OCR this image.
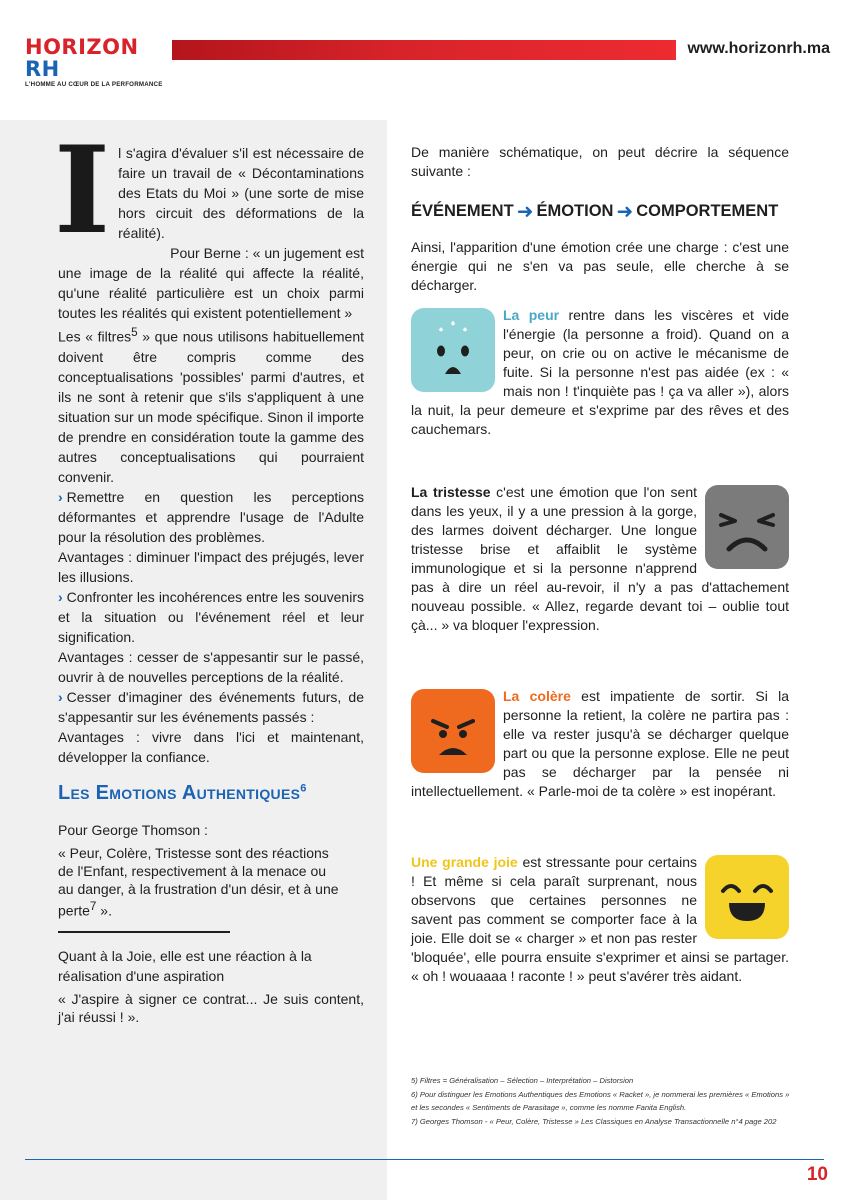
HORIZON RH
L'HOMME AU CŒUR DE LA PERFORMANCE
www.horizonrh.ma
I l s'agira d'évaluer s'il est nécessaire de faire un travail de « Décontaminations des Etats du Moi » (une sorte de mise hors circuit des déformations de la réalité).

Pour Berne : « un jugement est une image de la réalité qui affecte la réalité, qu'une réalité particulière est un choix parmi toutes les réalités qui existent potentiellement »

Les « filtres$^5$ » que nous utilisons habituellement doivent être compris comme des conceptualisations 'possibles' parmi d'autres, et ils ne sont à retenir que s'ils s'appliquent à une situation sur un mode spécifique. Sinon il importe de prendre en considération toute la gamme des autres conceptualisations qui pourraient convenir.

› Remettre en question les perceptions déformantes et apprendre l'usage de l'Adulte pour la résolution des problèmes.

Avantages : diminuer l'impact des préjugés, lever les illusions.

› Confronter les incohérences entre les souvenirs et la situation ou l'événement réel et leur signification.

Avantages : cesser de s'appesantir sur le passé, ouvrir à de nouvelles perceptions de la réalité.

› Cesser d'imaginer des événements futurs, de s'appesantir sur les événements passés :

Avantages : vivre dans l'ici et maintenant, développer la confiance.

Les Emotions Authentiques$^6$
Pour George Thomson :
« Peur, Colère, Tristesse sont des réactions de l'Enfant, respectivement à la menace ou au danger, à la frustration d'un désir, et à une perte$^7$ ».
Quant à la Joie, elle est une réaction à la réalisation d'une aspiration
« J'aspire à signer ce contrat... Je suis content, j'ai réussi ! ».
De manière schématique, on peut décrire la séquence suivante :
ÉVÉNEMENT ➜ ÉMOTION ➜ COMPORTEMENT
Ainsi, l'apparition d'une émotion crée une charge : c'est une énergie qui ne s'en va pas seule, elle cherche à se décharger.
La peur rentre dans les viscères et vide l'énergie (la personne a froid). Quand on a peur, on crie ou on active le mécanisme de fuite. Si la personne n'est pas aidée (ex : « mais non ! t'inquiète pas ! ça va aller »), alors la nuit, la peur demeure et s'exprime par des rêves et des cauchemars.
La tristesse c'est une émotion que l'on sent dans les yeux, il y a une pression à la gorge, des larmes doivent décharger. Une longue tristesse brise et affaiblit le système immunologique et si la personne n'apprend pas à dire un réel au-revoir, il n'y a pas d'attachement nouveau possible. « Allez, regarde devant toi – oublie tout çà... » va bloquer l'expression.
La colère est impatiente de sortir. Si la personne la retient, la colère ne partira pas : elle va rester jusqu'à se décharger quelque part ou que la personne explose. Elle ne peut pas se décharger par la pensée ni intellectuellement. « Parle-moi de ta colère » est inopérant.
Une grande joie est stressante pour certains ! Et même si cela paraît surprenant, nous observons que certaines personnes ne savent pas comment se comporter face à la joie. Elle doit se « charger » et non pas rester 'bloquée', elle pourra ensuite s'exprimer et ainsi se partager. « oh ! wouaaaa ! raconte ! » peut s'avérer très aidant.
5) Filtres = Généralisation – Sélection – Interprétation – Distorsion
6) Pour distinguer les Emotions Authentiques des Emotions « Racket », je nommerai les premières « Emotions » et les secondes « Sentiments de Parasitage », comme les nomme Fanita English.
7) Georges Thomson - « Peur, Colère, Tristesse » Les Classiques en Analyse Transactionnelle n°4 page 202
10
